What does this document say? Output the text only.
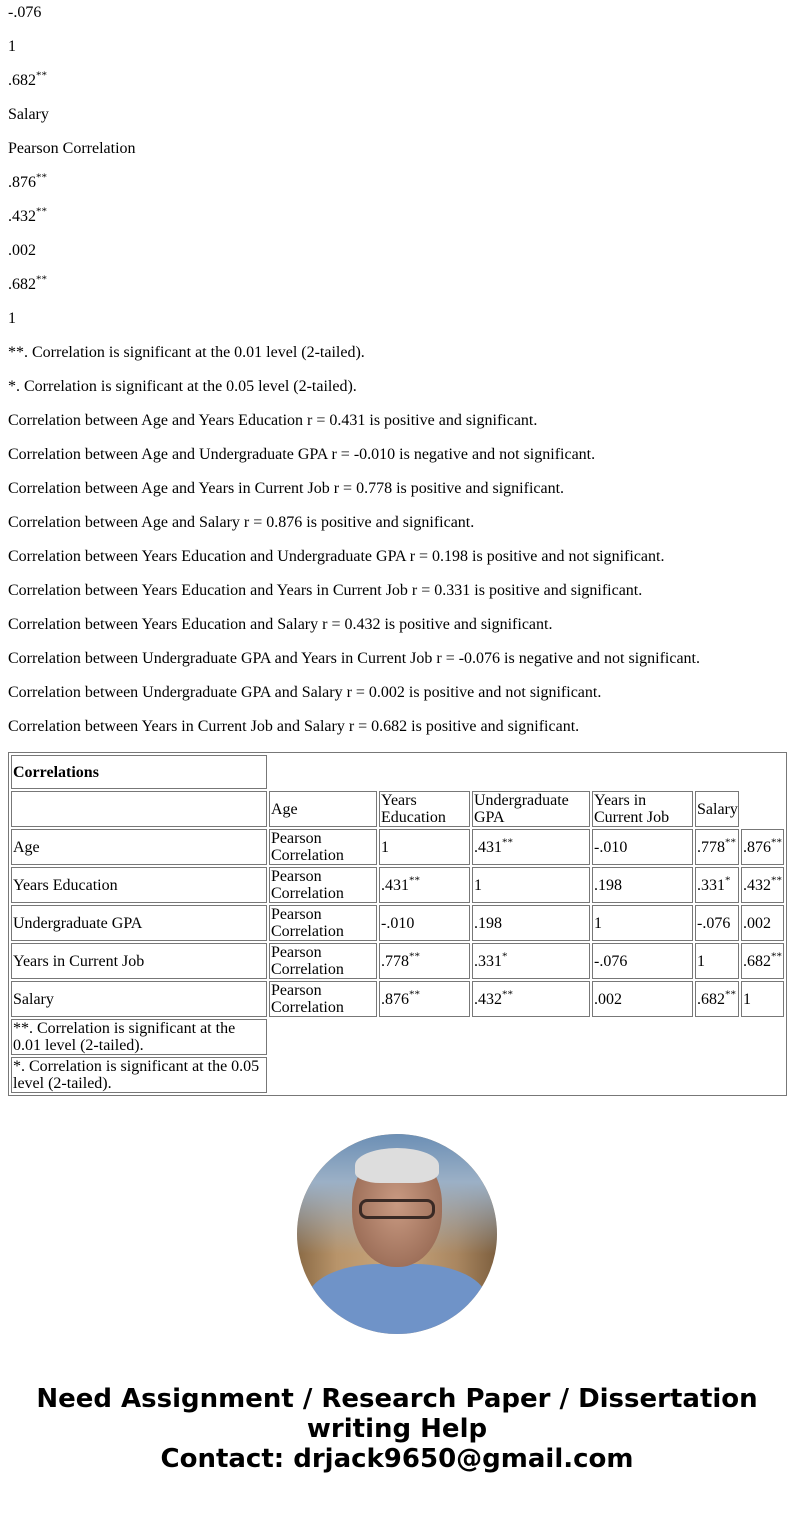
-.076

1

.682**

Salary

Pearson Correlation

.876**

.432**

.002

.682**

1

**. Correlation is significant at the 0.01 level (2-tailed).

*. Correlation is significant at the 0.05 level (2-tailed).

Correlation between Age and Years Education r = 0.431 is positive and significant.

Correlation between Age and Undergraduate GPA r = -0.010 is negative and not significant.

Correlation between Age and Years in Current Job r = 0.778 is positive and significant.

Correlation between Age and Salary r = 0.876 is positive and significant.

Correlation between Years Education and Undergraduate GPA r = 0.198 is positive and not significant.

Correlation between Years Education and Years in Current Job r = 0.331 is positive and significant.

Correlation between Years Education and Salary r = 0.432 is positive and significant.

Correlation between Undergraduate GPA and Years in Current Job r = -0.076 is negative and not significant.

Correlation between Undergraduate GPA and Salary r = 0.002 is positive and not significant.

Correlation between Years in Current Job and Salary r = 0.682 is positive and significant.

Correlations						
	Age	Years Education	Undergraduate GPA	Years in Current Job	Salary	
Age	Pearson Correlation	1	.431**	-.010	.778**	.876**
Years Education	Pearson Correlation	.431**	1	.198	.331*	.432**
Undergraduate GPA	Pearson Correlation	-.010	.198	1	-.076	.002
Years in Current Job	Pearson Correlation	.778**	.331*	-.076	1	.682**
Salary	Pearson Correlation	.876**	.432**	.002	.682**	1
**. Correlation is significant at the 0.01 level (2-tailed).						
*. Correlation is significant at the 0.05 level (2-tailed).						
Need Assignment / Research Paper / Dissertation writing Help
Contact: drjack9650@gmail.com
